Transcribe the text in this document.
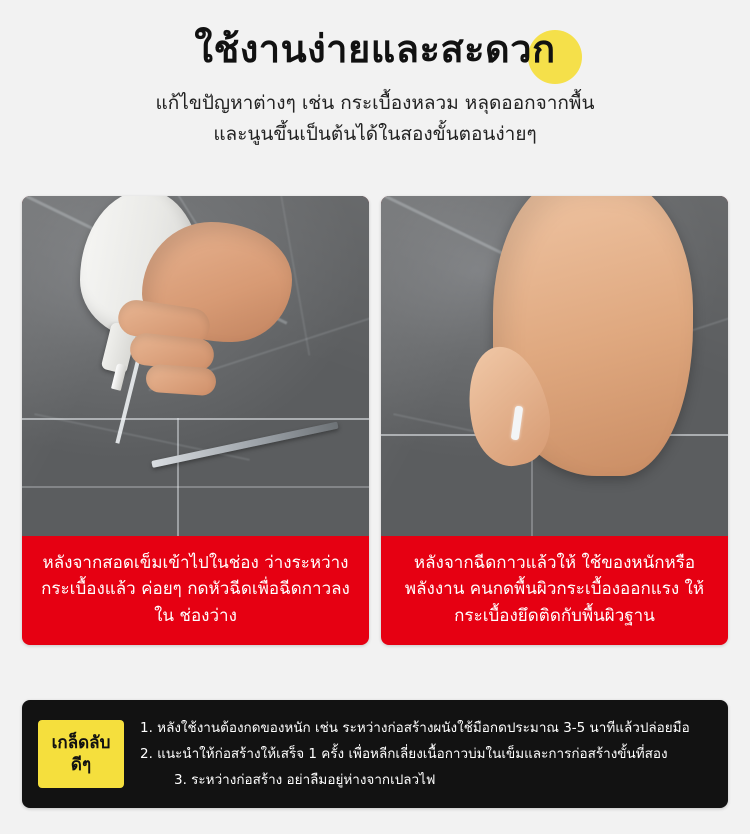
ใช้งานง่ายและสะดวก
แก้ไขปัญหาต่างๆ เช่น กระเบื้องหลวม หลุดออกจากพื้น
และนูนขึ้นเป็นต้นได้ในสองขั้นตอนง่ายๆ
หลังจากสอดเข็มเข้าไปในช่อง ว่างระหว่างกระเบื้องแล้ว ค่อยๆ กดหัวฉีดเพื่อฉีดกาวลงใน ช่องว่าง
หลังจากฉีดกาวแล้วให้ ใช้ของหนักหรือพลังงาน คนกดพื้นผิวกระเบื้องออกแรง ให้กระเบื้องยึดติดกับพื้นผิวฐาน
เกล็ดลับ
ดีๆ
1. หลังใช้งานต้องกดของหนัก เช่น ระหว่างก่อสร้างผนังใช้มือกดประมาณ 3-5 นาทีแล้วปล่อยมือ
2. แนะนำให้ก่อสร้างให้เสร็จ 1 ครั้ง เพื่อหลีกเลี่ยงเนื้อกาวบ่มในเข็มและการก่อสร้างขั้นที่สอง
3. ระหว่างก่อสร้าง อย่าลืมอยู่ห่างจากเปลวไฟ
